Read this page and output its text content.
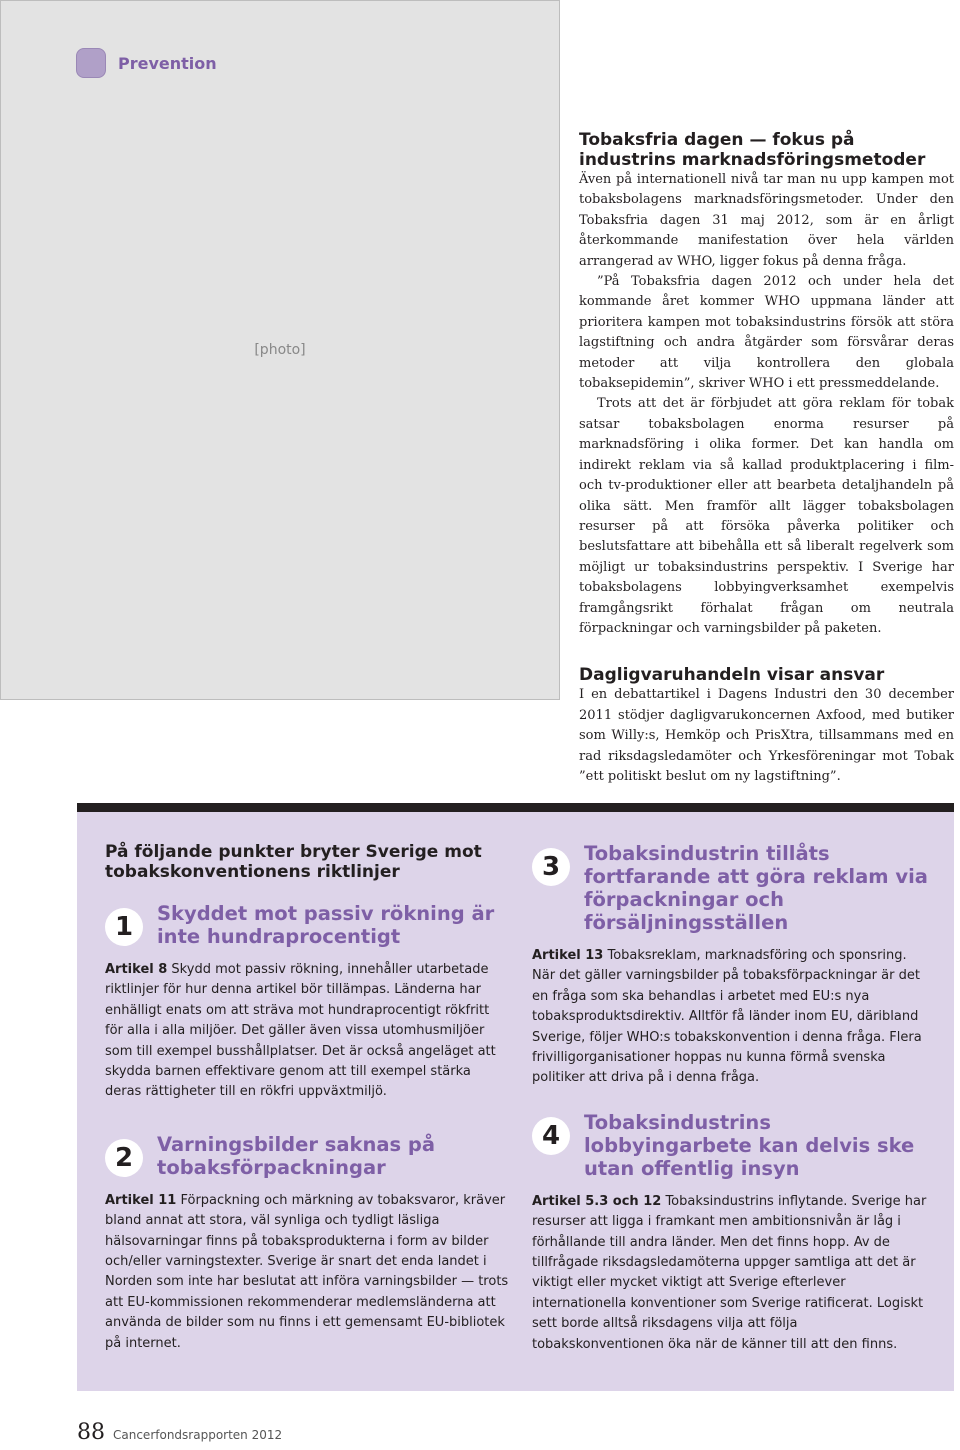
[photo]
Prevention
Tobaksfria dagen — fokus på industrins marknadsföringsmetoder

Även på internationell nivå tar man nu upp kampen mot tobaksbolagens marknadsföringsmetoder. Under den Tobaksfria dagen 31 maj 2012, som är en årligt återkommande manifestation över hela världen arrangerad av WHO, ligger fokus på denna fråga.

”På Tobaksfria dagen 2012 och under hela det kommande året kommer WHO uppmana länder att prioritera kampen mot tobaksindustrins försök att störa lagstiftning och andra åtgärder som försvårar deras metoder att vilja kontrollera den globala tobaksepidemin”, skriver WHO i ett pressmeddelande.

Trots att det är förbjudet att göra reklam för tobak satsar tobaksbolagen enorma resurser på marknadsföring i olika former. Det kan handla om indirekt reklam via så kallad produktplacering i film- och tv-produktioner eller att bearbeta detaljhandeln på olika sätt. Men framför allt lägger tobaksbolagen resurser på att försöka påverka politiker och beslutsfattare att bibehålla ett så liberalt regelverk som möjligt ur tobaksindustrins perspektiv. I Sverige har tobaksbolagens lobbyingverksamhet exempelvis framgångsrikt förhalat frågan om neutrala förpackningar och varningsbilder på paketen.

Dagligvaruhandeln visar ansvar

I en debattartikel i Dagens Industri den 30 december 2011 stödjer dagligvarukoncernen Axfood, med butiker som Willy:s, Hemköp och PrisXtra, tillsammans med en rad riksdagsledamöter och Yrkesföreningar mot Tobak ”ett politiskt beslut om ny lagstiftning”.

På följande punkter bryter Sverige mot tobakskonventionens riktlinjer
1	Skyddet mot passiv rökning är inte hundraprocentigt

Artikel 8 Skydd mot passiv rökning, innehåller utarbetade riktlinjer för hur denna artikel bör tillämpas. Länderna har enhälligt enats om att sträva mot hundraprocentigt rökfritt för alla i alla miljöer. Det gäller även vissa utomhusmiljöer som till exempel busshållplatser. Det är också angeläget att skydda barnen effektivare genom att till exempel stärka deras rättigheter till en rökfri uppväxtmiljö.

2	Varningsbilder saknas på tobaksförpackningar

Artikel 11 Förpackning och märkning av tobaksvaror, kräver bland annat att stora, väl synliga och tydligt läsliga hälsovarningar finns på tobaksprodukterna i form av bilder och/eller varningstexter. Sverige är snart det enda landet i Norden som inte har beslutat att införa varningsbilder — trots att EU-kommissionen rekommenderar medlemsländerna att använda de bilder som nu finns i ett gemensamt EU-bibliotek på internet.

3	Tobaksindustrin tillåts fortfarande att göra reklam via förpackningar och försäljningsställen

Artikel 13 Tobaksreklam, marknadsföring och sponsring. När det gäller varningsbilder på tobaksförpackningar är det en fråga som ska behandlas i arbetet med EU:s nya tobaksproduktsdirektiv. Alltför få länder inom EU, däribland Sverige, följer WHO:s tobakskonvention i denna fråga. Flera frivilligorganisationer hoppas nu kunna förmå svenska politiker att driva på i denna fråga.

4	Tobaksindustrins lobbyingarbete kan delvis ske utan offentlig insyn

Artikel 5.3 och 12 Tobaksindustrins inflytande. Sverige har resurser att ligga i framkant men ambitionsnivån är låg i förhållande till andra länder. Men det finns hopp. Av de tillfrågade riksdagsledamöterna uppger samtliga att det är viktigt eller mycket viktigt att Sverige efterlever internationella konventioner som Sverige ratificerat. Logiskt sett borde alltså riksdagens vilja att följa tobakskonventionen öka när de känner till att den finns.

88 Cancerfondsrapporten 2012
